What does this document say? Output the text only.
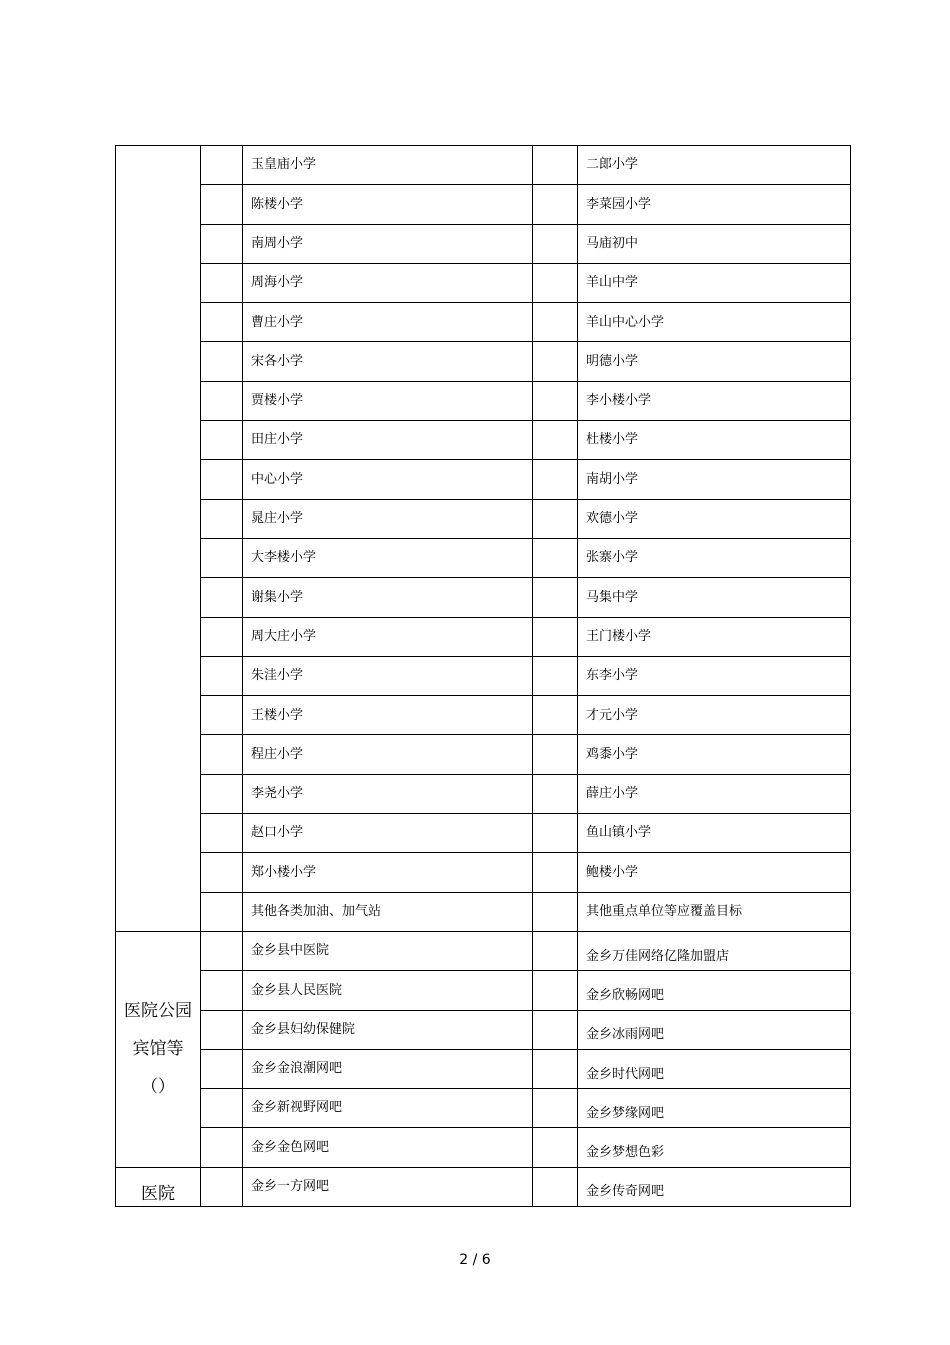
		玉皇庙小学		二郎小学
		陈楼小学		李菜园小学
		南周小学		马庙初中
		周海小学		羊山中学
		曹庄小学		羊山中心小学
		宋各小学		明德小学
		贾楼小学		李小楼小学
		田庄小学		杜楼小学
		中心小学		南胡小学
		晁庄小学		欢德小学
		大李楼小学		张寨小学
		谢集小学		马集中学
		周大庄小学		王门楼小学
		朱洼小学		东李小学
		王楼小学		才元小学
		程庄小学		鸡黍小学
		李尧小学		薛庄小学
		赵口小学		鱼山镇小学
		郑小楼小学		鲍楼小学
		其他各类加油、加气站		其他重点单位等应覆盖目标
医院公园宾馆等（）		金乡县中医院		金乡万佳网络亿隆加盟店
		金乡县人民医院		金乡欣畅网吧
		金乡县妇幼保健院		金乡冰雨网吧
		金乡金浪潮网吧		金乡时代网吧
		金乡新视野网吧		金乡梦缘网吧
		金乡金色网吧		金乡梦想色彩
医院		金乡一方网吧		金乡传奇网吧
2 / 6
